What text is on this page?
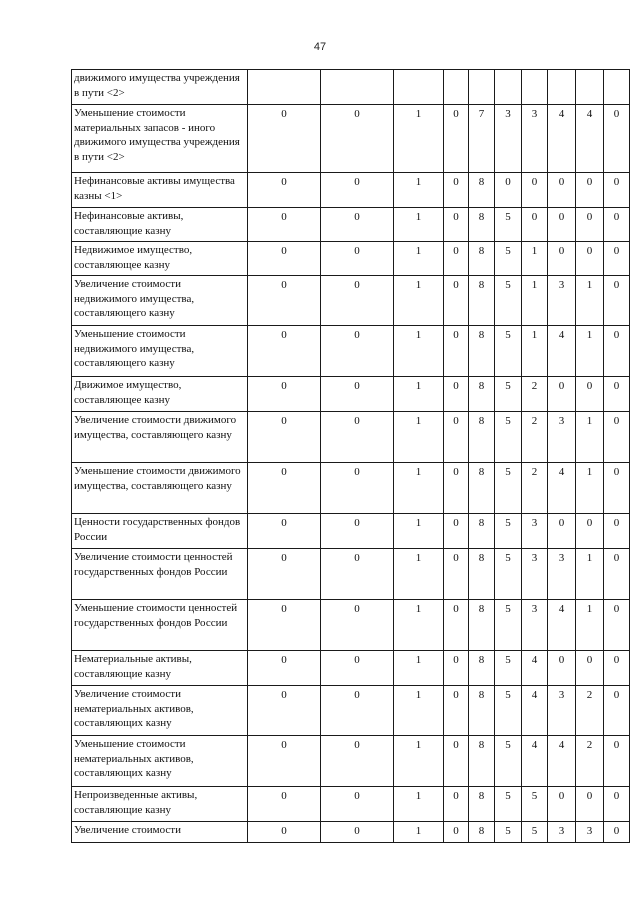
47
движимого имущества учреждения в пути <2>										
Уменьшение стоимости материальных запасов - иного движимого имущества учреждения в пути <2>	0	0	1	0	7	3	3	4	4	0
Нефинансовые активы имущества казны <1>	0	0	1	0	8	0	0	0	0	0
Нефинансовые активы, составляющие казну	0	0	1	0	8	5	0	0	0	0
Недвижимое имущество, составляющее казну	0	0	1	0	8	5	1	0	0	0
Увеличение стоимости недвижимого имущества, составляющего казну	0	0	1	0	8	5	1	3	1	0
Уменьшение стоимости недвижимого имущества, составляющего казну	0	0	1	0	8	5	1	4	1	0
Движимое имущество, составляющее казну	0	0	1	0	8	5	2	0	0	0
Увеличение стоимости движимого имущества, составляющего казну	0	0	1	0	8	5	2	3	1	0
Уменьшение стоимости движимого имущества, составляющего казну	0	0	1	0	8	5	2	4	1	0
Ценности государственных фондов России	0	0	1	0	8	5	3	0	0	0
Увеличение стоимости ценностей государственных фондов России	0	0	1	0	8	5	3	3	1	0
Уменьшение стоимости ценностей государственных фондов России	0	0	1	0	8	5	3	4	1	0
Нематериальные активы, составляющие казну	0	0	1	0	8	5	4	0	0	0
Увеличение стоимости нематериальных активов, составляющих казну	0	0	1	0	8	5	4	3	2	0
Уменьшение стоимости нематериальных активов, составляющих казну	0	0	1	0	8	5	4	4	2	0
Непроизведенные активы, составляющие казну	0	0	1	0	8	5	5	0	0	0
Увеличение стоимости	0	0	1	0	8	5	5	3	3	0
